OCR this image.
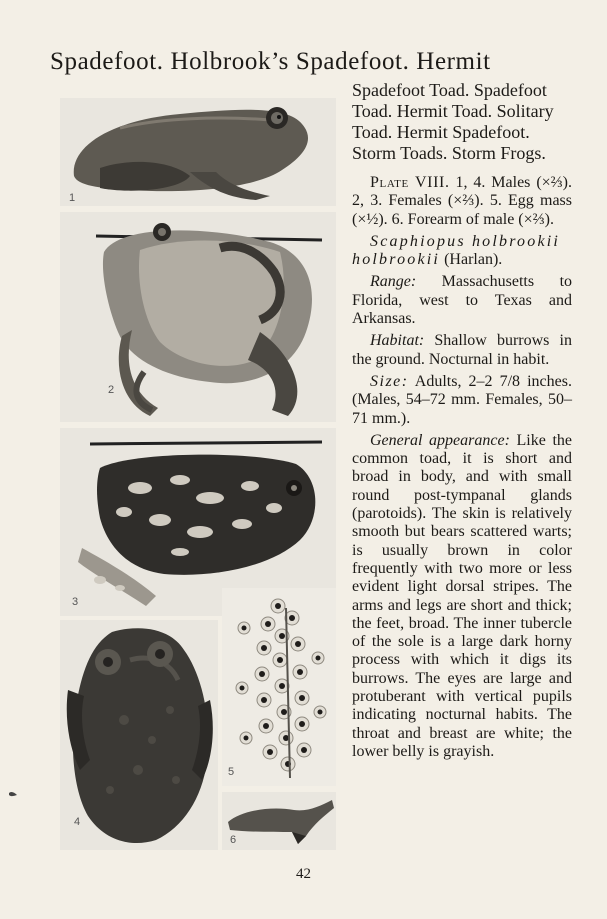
Spadefoot. Holbrook’s Spadefoot. Hermit
1
2
3
4
5
6

Spadefoot Toad. Spadefoot Toad. Hermit Toad. Solitary Toad. Hermit Spadefoot. Storm Toads. Storm Frogs.

Plate VIII. 1, 4. Males (×⅔). 2, 3. Females (×⅔). 5. Egg mass (×½). 6. Forearm of male (×⅔).

Scaphiopus holbrookii holbrookii (Harlan).

Range: Massachusetts to Florida, west to Texas and Arkansas.

Habitat: Shallow burrows in the ground. Nocturnal in habit.

Size: Adults, 2–2 7/8 inches. (Males, 54–72 mm. Females, 50–71 mm.).

General appearance: Like the common toad, it is short and broad in body, and with small round post-tympanal glands (parotoids). The skin is relatively smooth but bears scattered warts; is usually brown in color frequently with two more or less evident light dorsal stripes. The arms and legs are short and thick; the feet, broad. The inner tubercle of the sole is a large dark horny process with which it digs its burrows. The eyes are large and protuberant with vertical pupils indicating nocturnal habits. The throat and breast are white; the lower belly is grayish.

42
